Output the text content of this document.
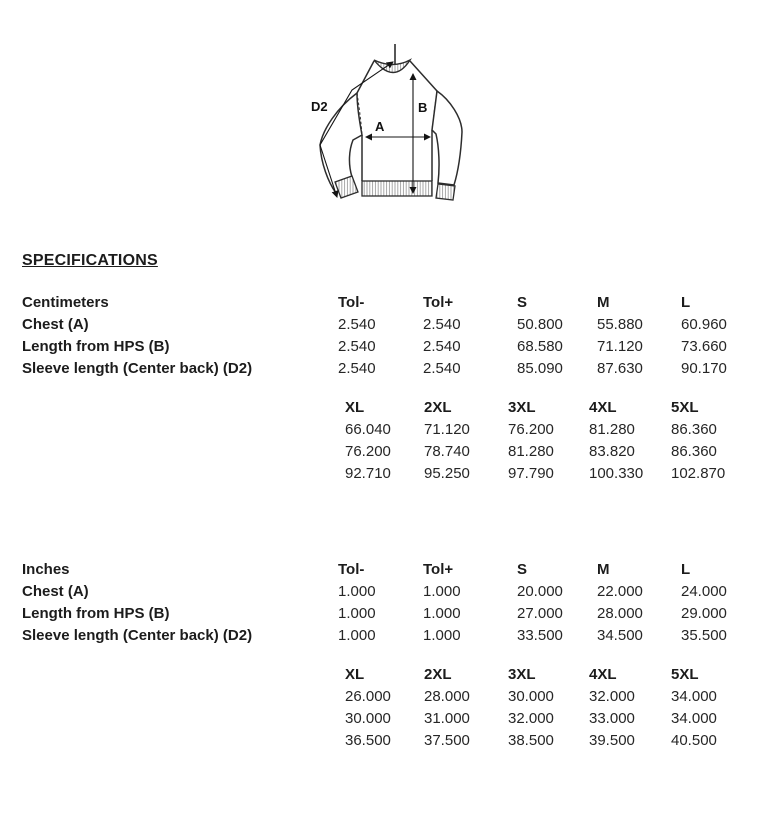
A
B
D2
SPECIFICATIONS
Centimeters	Tol-	Tol+	S	M	L
Chest (A)	2.540	2.540	50.800	55.880	60.960
Length from HPS (B)	2.540	2.540	68.580	71.120	73.660
Sleeve length (Center back) (D2)	2.540	2.540	85.090	87.630	90.170
XL	2XL	3XL	4XL	5XL
66.040	71.120	76.200	81.280	86.360
76.200	78.740	81.280	83.820	86.360
92.710	95.250	97.790	100.330	102.870
Inches	Tol-	Tol+	S	M	L
Chest (A)	1.000	1.000	20.000	22.000	24.000
Length from HPS (B)	1.000	1.000	27.000	28.000	29.000
Sleeve length (Center back) (D2)	1.000	1.000	33.500	34.500	35.500
XL	2XL	3XL	4XL	5XL
26.000	28.000	30.000	32.000	34.000
30.000	31.000	32.000	33.000	34.000
36.500	37.500	38.500	39.500	40.500
